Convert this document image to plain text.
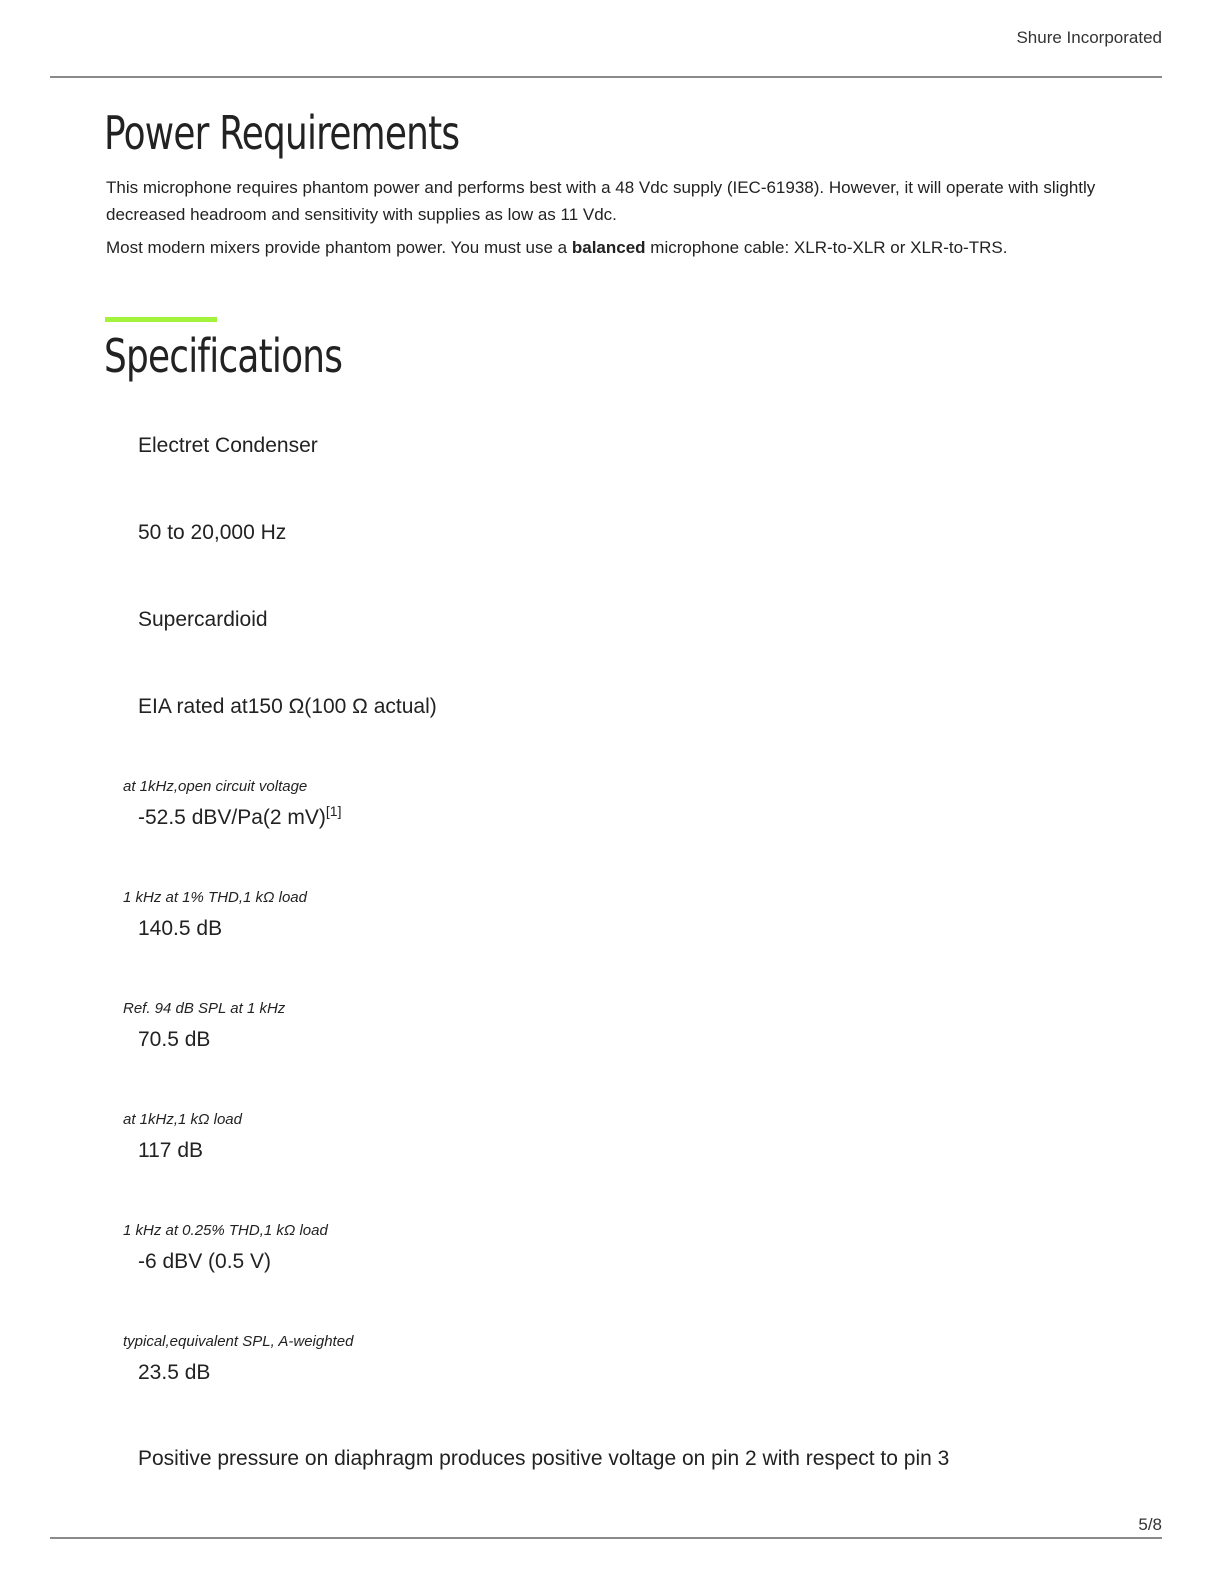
Shure Incorporated
Power Requirements

This microphone requires phantom power and performs best with a 48 Vdc supply (IEC-61938). However, it will operate with slightly decreased headroom and sensitivity with supplies as low as 11 Vdc.

Most modern mixers provide phantom power. You must use a balanced microphone cable: XLR-to-XLR or XLR-to-TRS.

Specifications
Electret Condenser
50 to 20,000 Hz
Supercardioid
EIA rated at150 Ω(100 Ω actual)
at 1kHz,open circuit voltage
-52.5 dBV/Pa(2 mV)[1]
1 kHz at 1% THD,1 kΩ load
140.5 dB
Ref. 94 dB SPL at 1 kHz
70.5 dB
at 1kHz,1 kΩ load
117 dB
1 kHz at 0.25% THD,1 kΩ load
-6 dBV (0.5 V)
typical,equivalent SPL, A-weighted
23.5 dB
Positive pressure on diaphragm produces positive voltage on pin 2 with respect to pin 3
5/8
